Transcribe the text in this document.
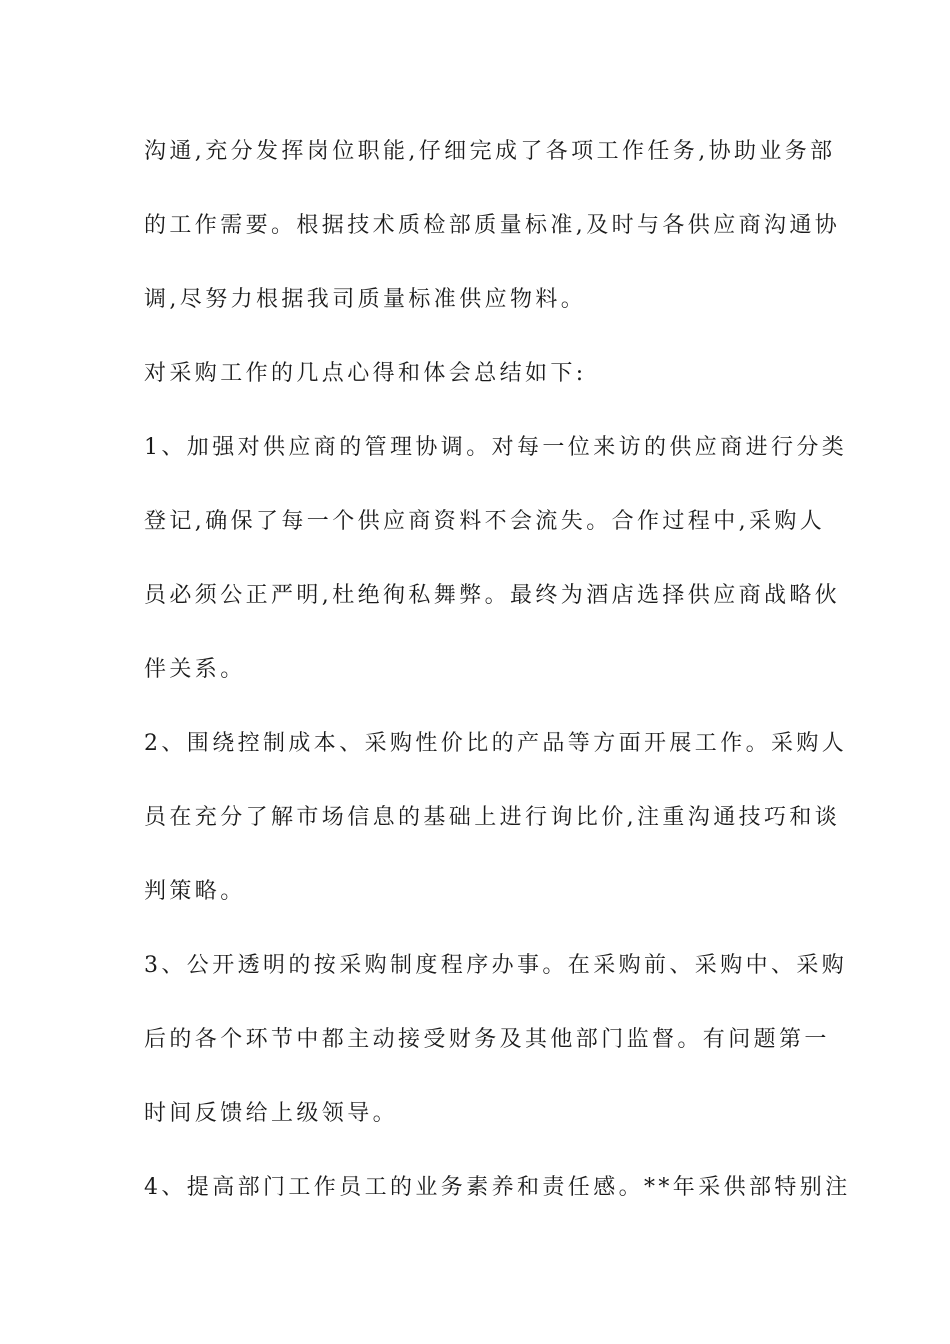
沟通,充分发挥岗位职能,仔细完成了各项工作任务,协助业务部
的工作需要。根据技术质检部质量标准,及时与各供应商沟通协
调,尽努力根据我司质量标准供应物料。
对采购工作的几点心得和体会总结如下:
1、加强对供应商的管理协调。对每一位来访的供应商进行分类
登记,确保了每一个供应商资料不会流失。合作过程中,采购人
员必须公正严明,杜绝徇私舞弊。最终为酒店选择供应商战略伙
伴关系。
2、围绕控制成本、采购性价比的产品等方面开展工作。采购人
员在充分了解市场信息的基础上进行询比价,注重沟通技巧和谈
判策略。
3、公开透明的按采购制度程序办事。在采购前、采购中、采购
后的各个环节中都主动接受财务及其他部门监督。有问题第一
时间反馈给上级领导。
4、提高部门工作员工的业务素养和责任感。**年采供部特别注
